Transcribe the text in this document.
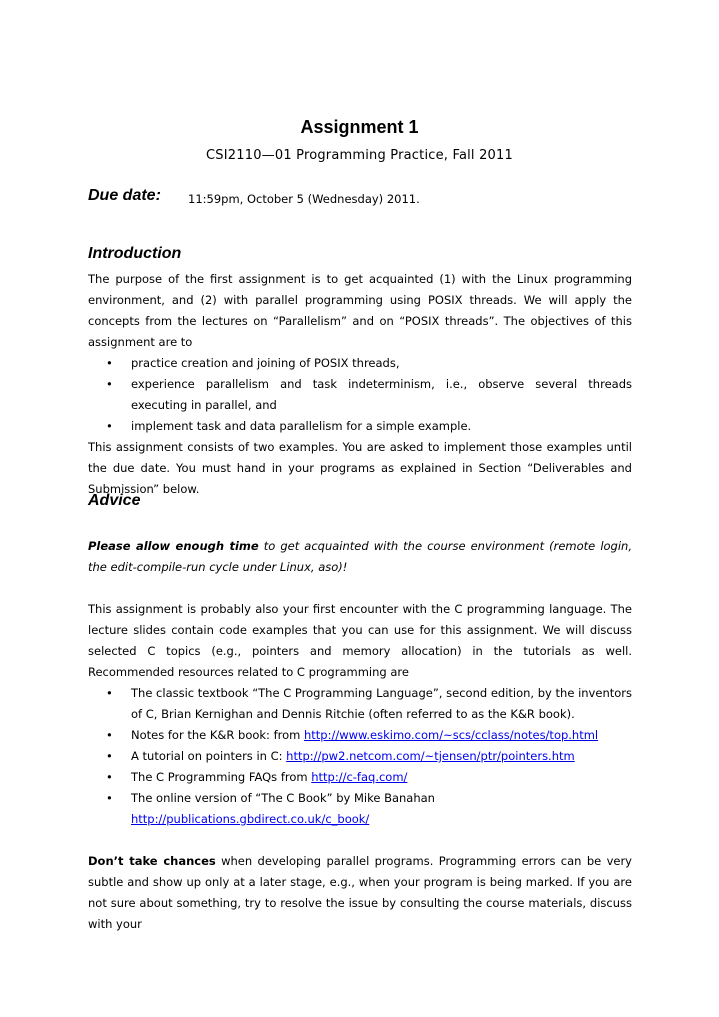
Assignment 1
CSI2110—01 Programming Practice, Fall 2011
Due date: 11:59pm, October 5 (Wednesday) 2011.
Introduction

The purpose of the first assignment is to get acquainted (1) with the Linux programming environment, and (2) with parallel programming using POSIX threads. We will apply the concepts from the lectures on “Parallelism” and on “POSIX threads”. The objectives of this assignment are to

• practice creation and joining of POSIX threads,
• experience parallelism and task indeterminism, i.e., observe several threads executing in parallel, and
• implement task and data parallelism for a simple example.

This assignment consists of two examples. You are asked to implement those examples until the due date. You must hand in your programs as explained in Section “Deliverables and Submission” below.

Advice

Please allow enough time to get acquainted with the course environment (remote login, the edit-compile-run cycle under Linux, aso)!

This assignment is probably also your first encounter with the C programming language. The lecture slides contain code examples that you can use for this assignment. We will discuss selected C topics (e.g., pointers and memory allocation) in the tutorials as well. Recommended resources related to C programming are

• The classic textbook “The C Programming Language”, second edition, by the inventors of C, Brian Kernighan and Dennis Ritchie (often referred to as the K&R book).
• Notes for the K&R book: from http://www.eskimo.com/~scs/cclass/notes/top.html
• A tutorial on pointers in C: http://pw2.netcom.com/~tjensen/ptr/pointers.htm
• The C Programming FAQs from http://c-faq.com/
• The online version of “The C Book” by Mike Banahan
http://publications.gbdirect.co.uk/c_book/

Don’t take chances when developing parallel programs. Programming errors can be very subtle and show up only at a later stage, e.g., when your program is being marked. If you are not sure about something, try to resolve the issue by consulting the course materials, discuss with your
